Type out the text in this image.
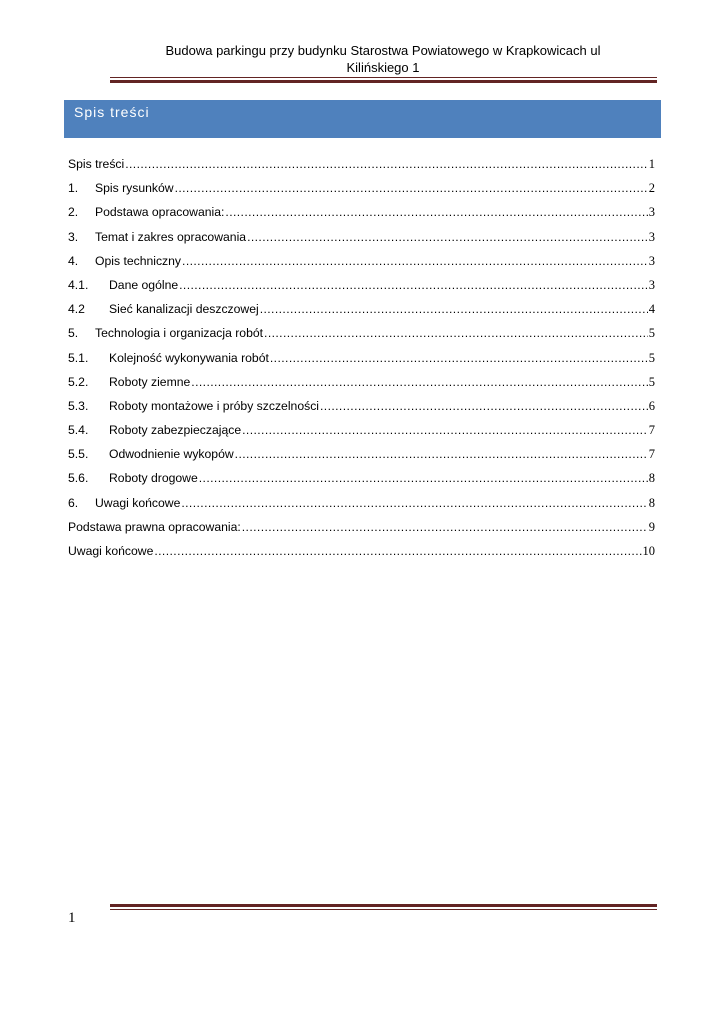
Budowa parkingu przy budynku Starostwa Powiatowego w Krapkowicach ul
Kilińskiego 1
Spis treści
Spis treści .....	1
1.	Spis rysunków .....	2
2.	Podstawa opracowania: .....	3
3.	Temat i zakres opracowania .....	3
4.	Opis techniczny .....	3
4.1.	Dane ogólne .....	3
4.2	Sieć kanalizacji deszczowej .....	4
5.	Technologia i organizacja robót .....	5
5.1.	Kolejność wykonywania robót .....	5
5.2.	Roboty ziemne .....	5
5.3.	Roboty montażowe i próby szczelności .....	6
5.4.	Roboty zabezpieczające .....	7
5.5.	Odwodnienie wykopów .....	7
5.6.	Roboty drogowe .....	8
6.	Uwagi końcowe .....	8
Podstawa prawna opracowania: .....	9
Uwagi końcowe .....	10
1
